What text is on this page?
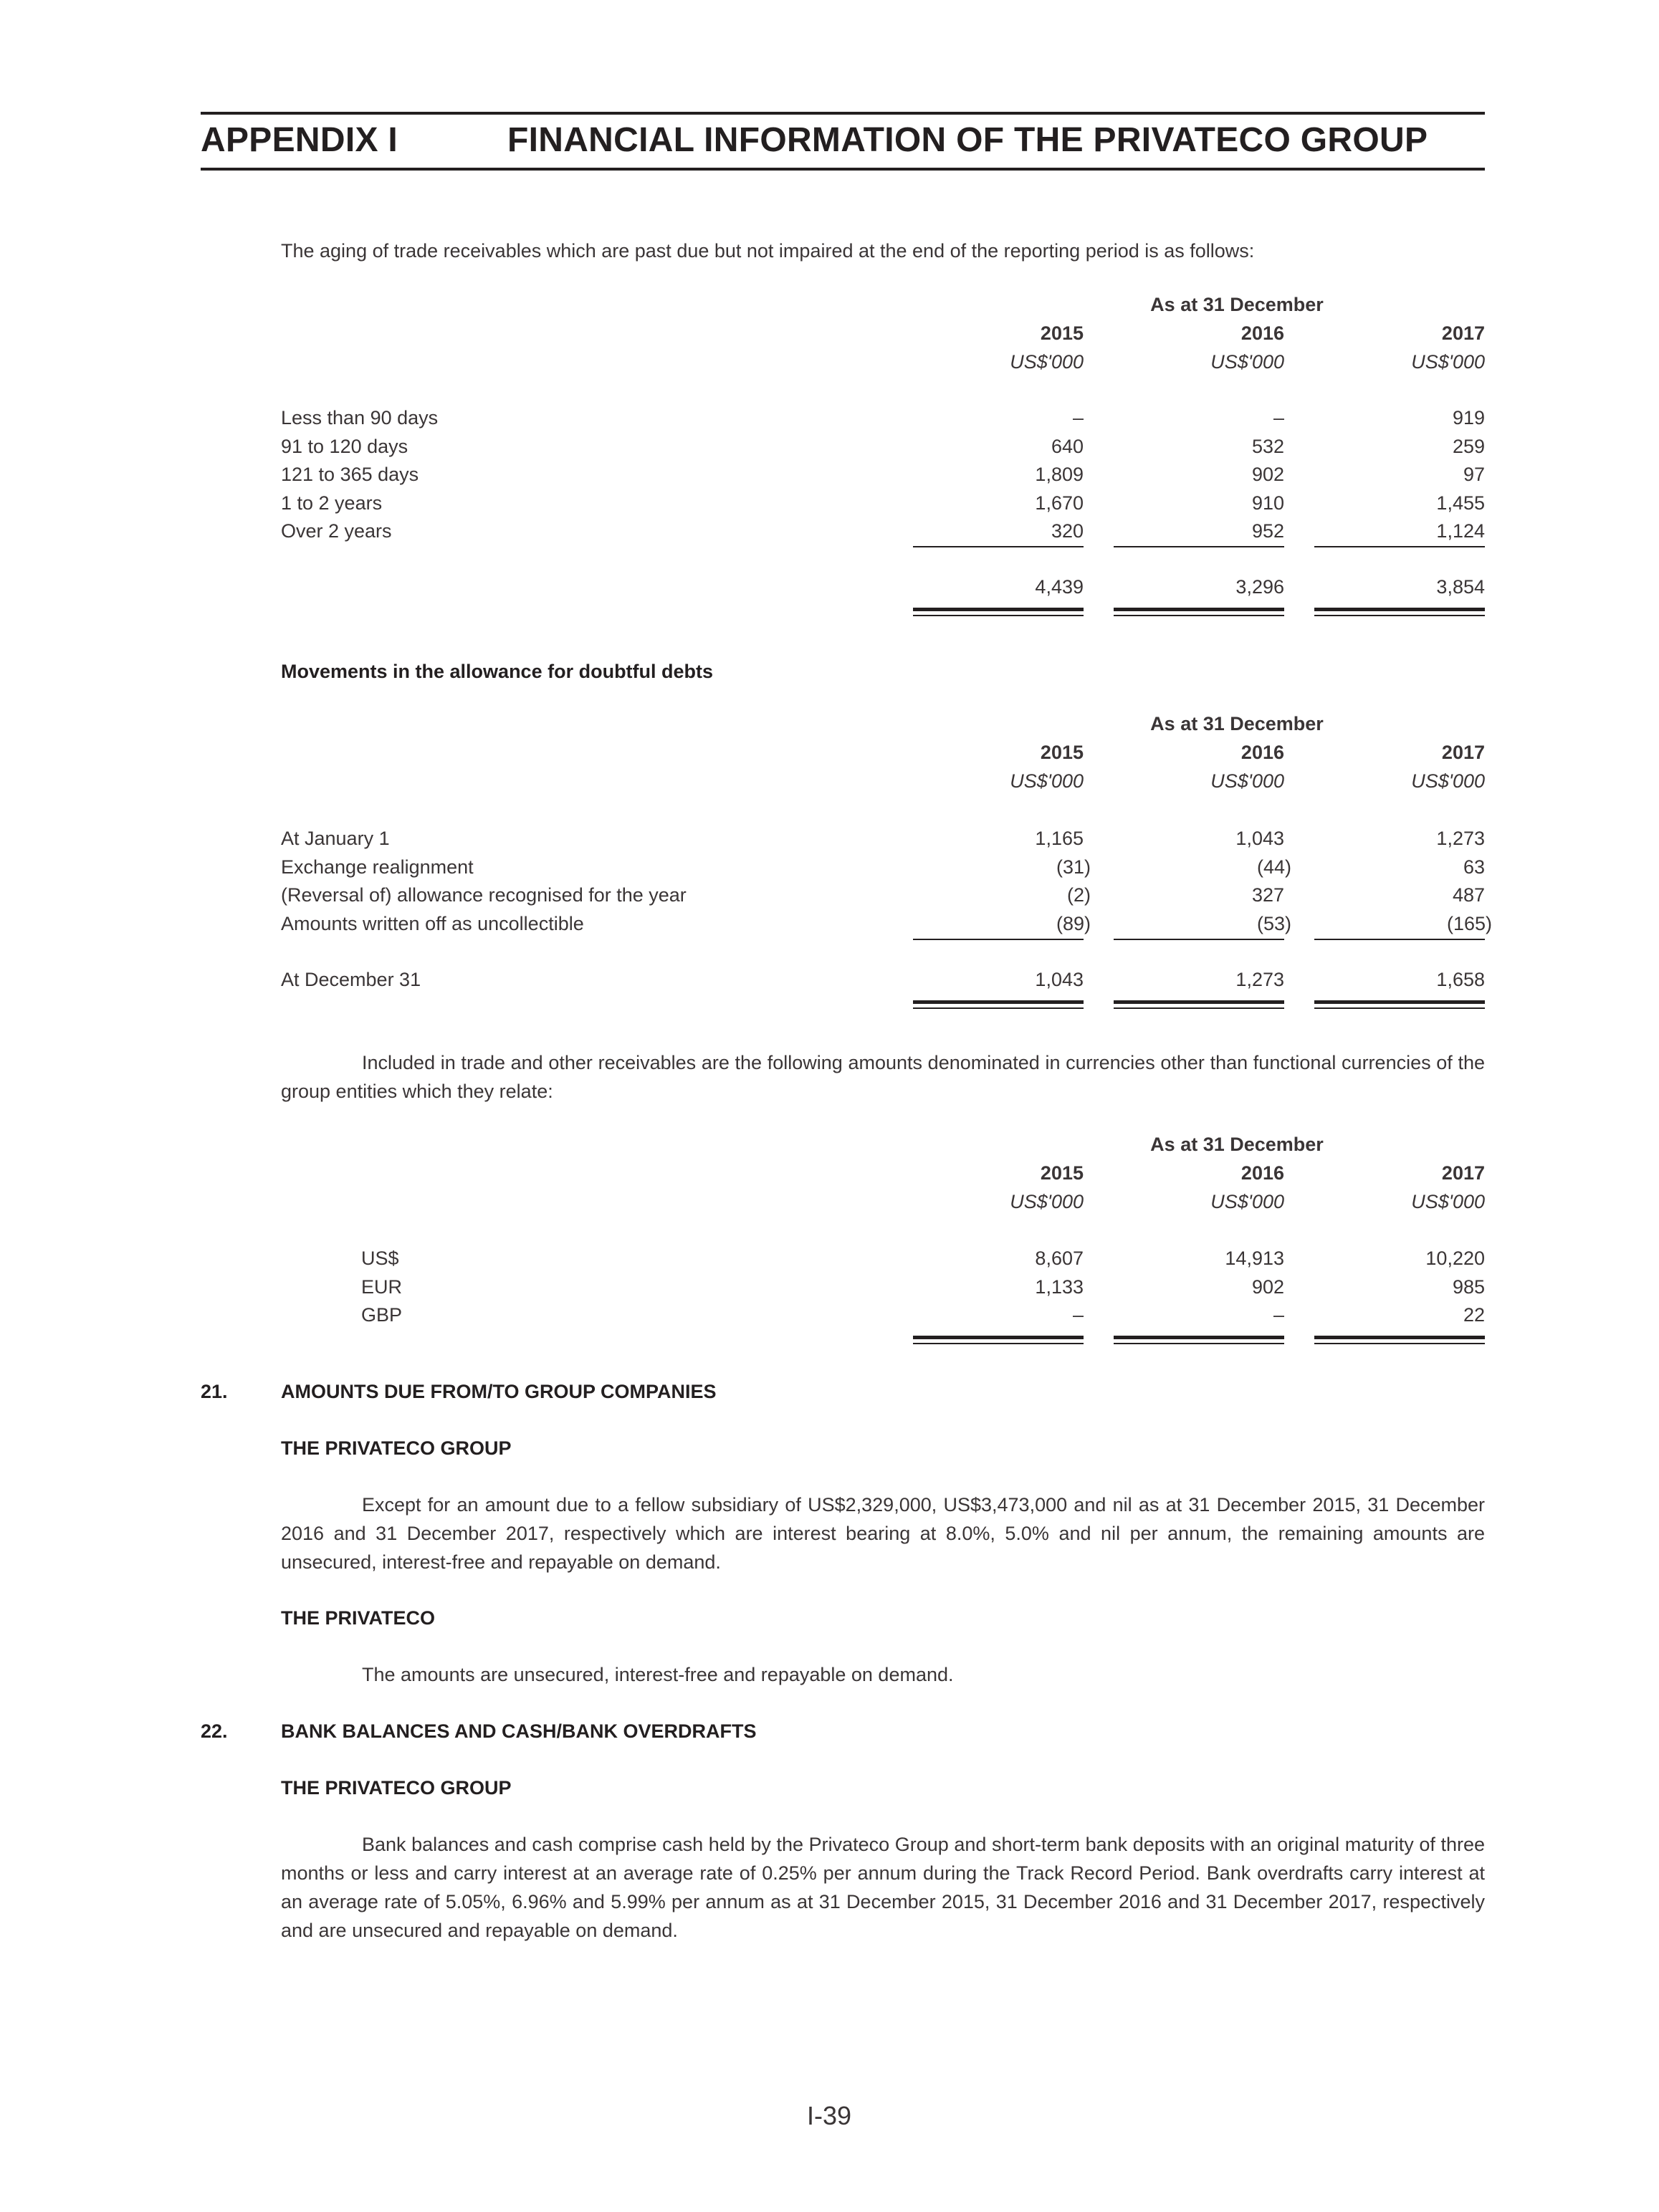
APPENDIX I	FINANCIAL INFORMATION OF THE PRIVATECO GROUP
The aging of trade receivables which are past due but not impaired at the end of the reporting period is as follows:
As at 31 December
Movements in the allowance for doubtful debts
As at 31 December
Included in trade and other receivables are the following amounts denominated in currencies other than functional currencies of the group entities which they relate:
As at 31 December
21.	AMOUNTS DUE FROM/TO GROUP COMPANIES
THE PRIVATECO GROUP
Except for an amount due to a fellow subsidiary of US$2,329,000, US$3,473,000 and nil as at 31 December 2015, 31 December 2016 and 31 December 2017, respectively which are interest bearing at 8.0%, 5.0% and nil per annum, the remaining amounts are unsecured, interest-free and repayable on demand.
THE PRIVATECO
The amounts are unsecured, interest-free and repayable on demand.
22.	BANK BALANCES AND CASH/BANK OVERDRAFTS
THE PRIVATECO GROUP
Bank balances and cash comprise cash held by the Privateco Group and short-term bank deposits with an original maturity of three months or less and carry interest at an average rate of 0.25% per annum during the Track Record Period. Bank overdrafts carry interest at an average rate of 5.05%, 6.96% and 5.99% per annum as at 31 December 2015, 31 December 2016 and 31 December 2017, respectively and are unsecured and repayable on demand.
I-39
2015	2016	2017
US$'000	US$'000	US$'000
Less than 90 days	–	–	919
91 to 120 days	640	532	259
121 to 365 days	1,809	902	97
1 to 2 years	1,670	910	1,455
Over 2 years	320	952	1,124
4,439	3,296	3,854
2015	2016	2017
US$'000	US$'000	US$'000
At January 1	1,165	1,043	1,273
Exchange realignment	(31)	(44)	63
(Reversal of) allowance recognised for the year	(2)	327	487
Amounts written off as uncollectible	(89)	(53)	(165)
At December 31	1,043	1,273	1,658
2015	2016	2017
US$'000	US$'000	US$'000
US$	8,607	14,913	10,220
EUR	1,133	902	985
GBP	–	–	22
